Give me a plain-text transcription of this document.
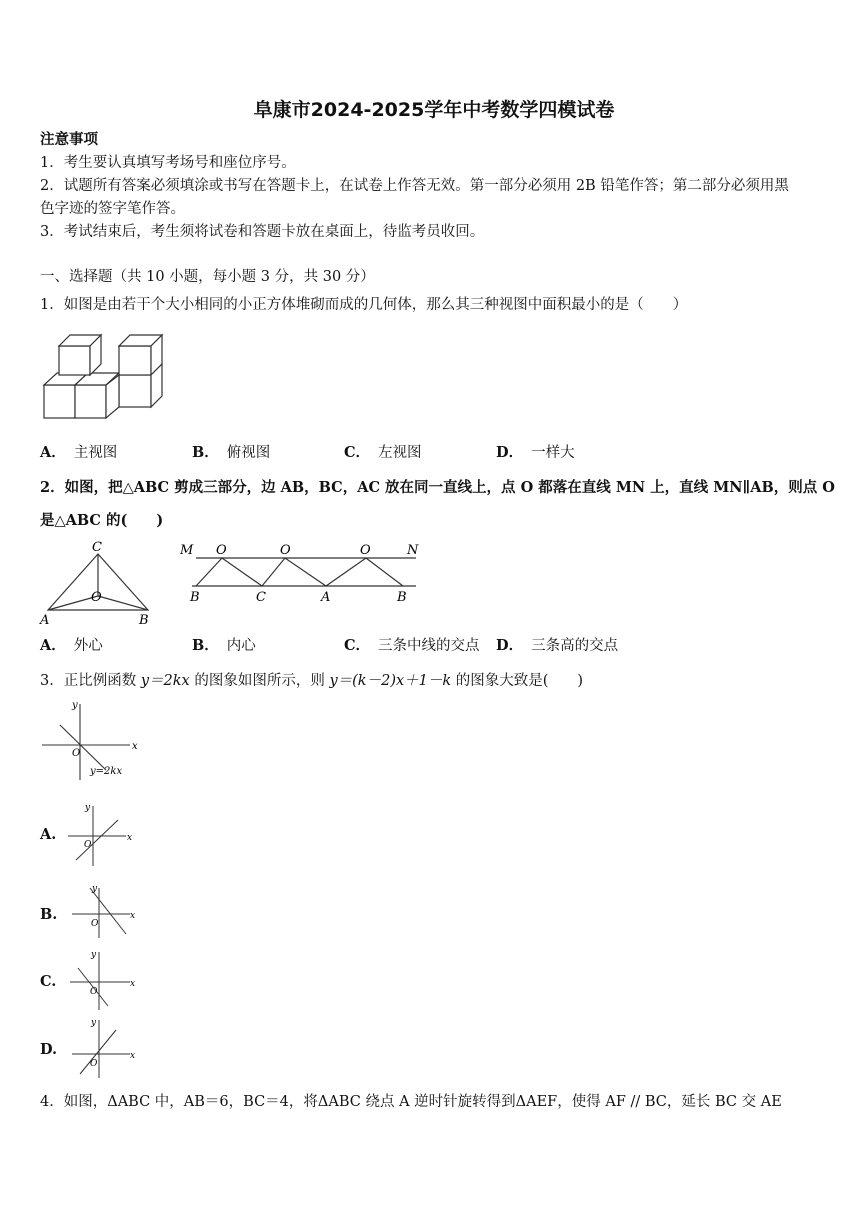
阜康市2024-2025学年中考数学四模试卷
注意事项
1．考生要认真填写考场号和座位序号。
2．试题所有答案必须填涂或书写在答题卡上，在试卷上作答无效。第一部分必须用 2B 铅笔作答；第二部分必须用黑
色字迹的签字笔作答。
3．考试结束后，考生须将试卷和答题卡放在桌面上，待监考员收回。
一、选择题（共 10 小题，每小题 3 分，共 30 分）
1．如图是由若干个大小相同的小正方体堆砌而成的几何体，那么其三种视图中面积最小的是（　　）
A． 主视图	B． 俯视图	C． 左视图	D． 一样大
2．如图，把△ABC 剪成三部分，边 AB，BC，AC 放在同一直线上，点 O 都落在直线 MN 上，直线 MN∥AB，则点 O
是△ABC 的(　　)
C
O
A	B
M O	O	O	N
B	C	A	B
A． 外心	B． 内心	C． 三条中线的交点 D． 三条高的交点
3．正比例函数 y＝2kx 的图象如图所示，则 y＝(k－2)x＋1－k 的图象大致是(　　)
x
y
O
y=2kx
A.	x
y
O
B.	x
y
O
C.	x
y
O
D.	x
y
O
4．如图，ΔABC 中，AB＝6，BC＝4，将ΔABC 绕点 A 逆时针旋转得到ΔAEF，使得 AF // BC，延长 BC 交 AE
